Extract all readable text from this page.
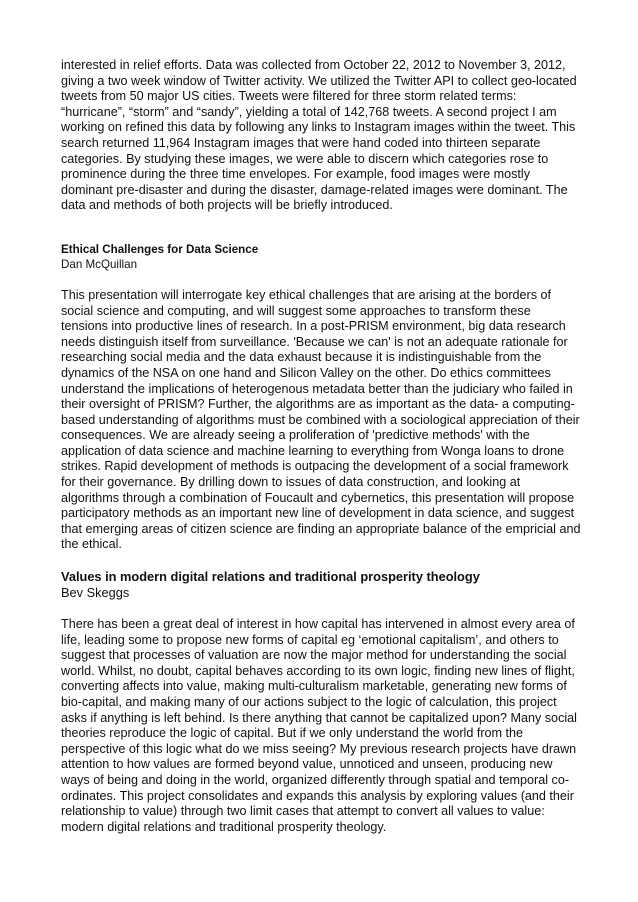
interested in relief efforts. Data was collected from October 22, 2012 to November 3, 2012, giving a two week window of Twitter activity. We utilized the Twitter API to collect geo-located tweets from 50 major US cities. Tweets were filtered for three storm related terms: “hurricane”, “storm” and “sandy”, yielding a total of 142,768 tweets. A second project I am working on refined this data by following any links to Instagram images within the tweet. This search returned 11,964 Instagram images that were hand coded into thirteen separate categories. By studying these images, we were able to discern which categories rose to prominence during the three time envelopes. For example, food images were mostly dominant pre-disaster and during the disaster, damage-related images were dominant. The data and methods of both projects will be briefly introduced.

Ethical Challenges for Data Science

Dan McQuillan

This presentation will interrogate key ethical challenges that are arising at the borders of social science and computing, and will suggest some approaches to transform these tensions into productive lines of research. In a post-PRISM environment, big data research needs distinguish itself from surveillance. 'Because we can' is not an adequate rationale for researching social media and the data exhaust because it is indistinguishable from the dynamics of the NSA on one hand and Silicon Valley on the other. Do ethics committees understand the implications of heterogenous metadata better than the judiciary who failed in their oversight of PRISM? Further, the algorithms are as important as the data- a computing-based understanding of algorithms must be combined with a sociological appreciation of their consequences. We are already seeing a proliferation of 'predictive methods' with the application of data science and machine learning to everything from Wonga loans to drone strikes. Rapid development of methods is outpacing the development of a social framework for their governance. By drilling down to issues of data construction, and looking at algorithms through a combination of Foucault and cybernetics, this presentation will propose participatory methods as an important new line of development in data science, and suggest that emerging areas of citizen science are finding an appropriate balance of the empricial and the ethical.

Values in modern digital relations and traditional prosperity theology

Bev Skeggs

There has been a great deal of interest in how capital has intervened in almost every area of life, leading some to propose new forms of capital eg ‘emotional capitalism’, and others to suggest that processes of valuation are now the major method for understanding the social world. Whilst, no doubt, capital behaves according to its own logic, finding new lines of flight, converting affects into value, making multi-culturalism marketable, generating new forms of bio-capital, and making many of our actions subject to the logic of calculation, this project asks if anything is left behind. Is there anything that cannot be capitalized upon? Many social theories reproduce the logic of capital. But if we only understand the world from the perspective of this logic what do we miss seeing? My previous research projects have drawn attention to how values are formed beyond value, unnoticed and unseen, producing new ways of being and doing in the world, organized differently through spatial and temporal co-ordinates. This project consolidates and expands this analysis by exploring values (and their relationship to value) through two limit cases that attempt to convert all values to value: modern digital relations and traditional prosperity theology.
